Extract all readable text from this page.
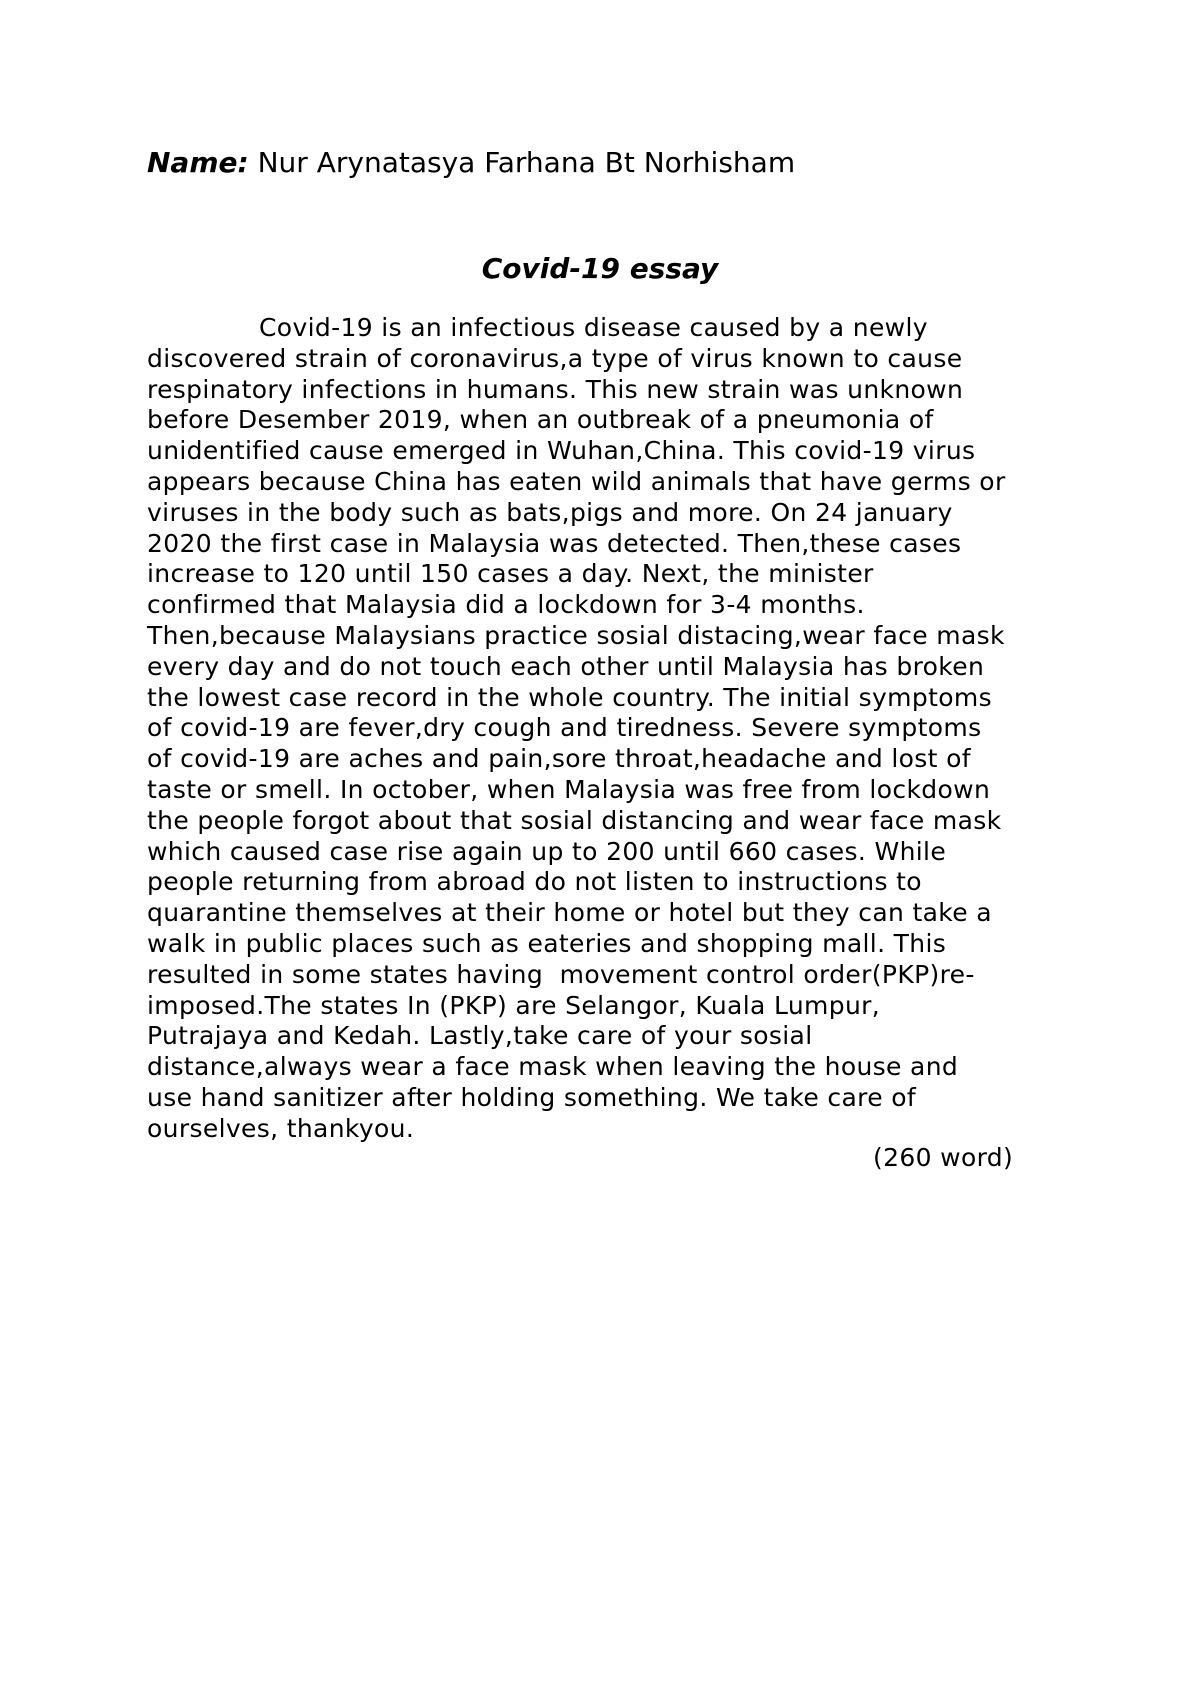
Name: Nur Arynatasya Farhana Bt Norhisham
Covid-19 essay
Covid-19 is an infectious disease caused by a newly
discovered strain of coronavirus,a type of virus known to cause
respinatory infections in humans. This new strain was unknown
before Desember 2019, when an outbreak of a pneumonia of
unidentified cause emerged in Wuhan,China. This covid-19 virus
appears because China has eaten wild animals that have germs or
viruses in the body such as bats,pigs and more. On 24 january
2020 the first case in Malaysia was detected. Then,these cases
increase to 120 until 150 cases a day. Next, the minister
confirmed that Malaysia did a lockdown for 3-4 months.
Then,because Malaysians practice sosial distacing,wear face mask
every day and do not touch each other until Malaysia has broken
the lowest case record in the whole country. The initial symptoms
of covid-19 are fever,dry cough and tiredness. Severe symptoms
of covid-19 are aches and pain,sore throat,headache and lost of
taste or smell. In october, when Malaysia was free from lockdown
the people forgot about that sosial distancing and wear face mask
which caused case rise again up to 200 until 660 cases. While
people returning from abroad do not listen to instructions to
quarantine themselves at their home or hotel but they can take a
walk in public places such as eateries and shopping mall. This
resulted in some states having  movement control order(PKP)re-
imposed.The states In (PKP) are Selangor, Kuala Lumpur,
Putrajaya and Kedah. Lastly,take care of your sosial
distance,always wear a face mask when leaving the house and
use hand sanitizer after holding something. We take care of
ourselves, thankyou.
(260 word)
